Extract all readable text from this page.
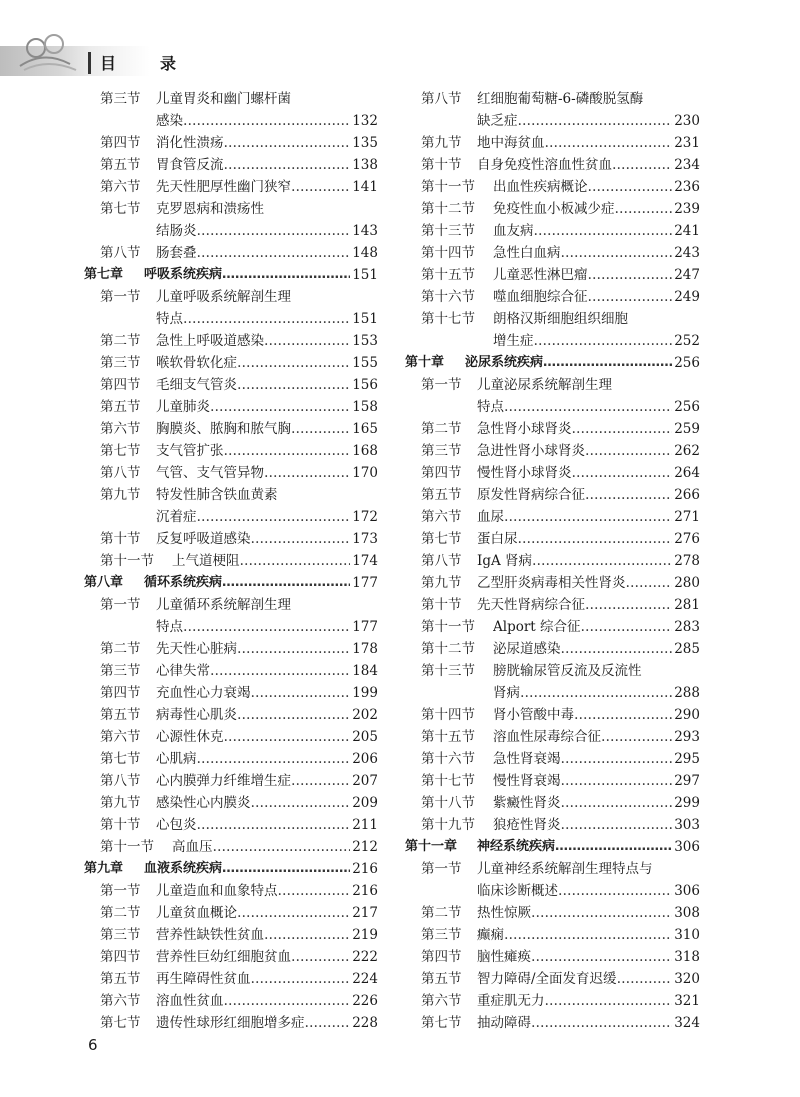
目　录
第三节 儿童胃炎和幽门螺杆菌
感染 …………………………………………………………………………………………………	132
第四节 消化性溃疡 …………………………………………………………………………………………………	135
第五节 胃食管反流 …………………………………………………………………………………………………	138
第六节 先天性肥厚性幽门狭窄 …………………………………………………………………………………………………	141
第七节 克罗恩病和溃疡性
结肠炎 …………………………………………………………………………………………………	143
第八节 肠套叠 …………………………………………………………………………………………………	148
第七章 呼吸系统疾病 …………………………………………………………………………………………………	151
第一节 儿童呼吸系统解剖生理
特点 …………………………………………………………………………………………………	151
第二节 急性上呼吸道感染 …………………………………………………………………………………………………	153
第三节 喉软骨软化症 …………………………………………………………………………………………………	155
第四节 毛细支气管炎 …………………………………………………………………………………………………	156
第五节 儿童肺炎 …………………………………………………………………………………………………	158
第六节 胸膜炎、脓胸和脓气胸 …………………………………………………………………………………………………	165
第七节 支气管扩张 …………………………………………………………………………………………………	168
第八节 气管、支气管异物 …………………………………………………………………………………………………	170
第九节 特发性肺含铁血黄素
沉着症 …………………………………………………………………………………………………	172
第十节 反复呼吸道感染 …………………………………………………………………………………………………	173
第十一节 上气道梗阻 …………………………………………………………………………………………………	174
第八章 循环系统疾病 …………………………………………………………………………………………………	177
第一节 儿童循环系统解剖生理
特点 …………………………………………………………………………………………………	177
第二节 先天性心脏病 …………………………………………………………………………………………………	178
第三节 心律失常 …………………………………………………………………………………………………	184
第四节 充血性心力衰竭 …………………………………………………………………………………………………	199
第五节 病毒性心肌炎 …………………………………………………………………………………………………	202
第六节 心源性休克 …………………………………………………………………………………………………	205
第七节 心肌病 …………………………………………………………………………………………………	206
第八节 心内膜弹力纤维增生症 …………………………………………………………………………………………………	207
第九节 感染性心内膜炎 …………………………………………………………………………………………………	209
第十节 心包炎 …………………………………………………………………………………………………	211
第十一节 高血压 …………………………………………………………………………………………………	212
第九章 血液系统疾病 …………………………………………………………………………………………………	216
第一节 儿童造血和血象特点 …………………………………………………………………………………………………	216
第二节 儿童贫血概论 …………………………………………………………………………………………………	217
第三节 营养性缺铁性贫血 …………………………………………………………………………………………………	219
第四节 营养性巨幼红细胞贫血 …………………………………………………………………………………………………	222
第五节 再生障碍性贫血 …………………………………………………………………………………………………	224
第六节 溶血性贫血 …………………………………………………………………………………………………	226
第七节 遗传性球形红细胞增多症 …………………………………………………………………………………………………	228
第八节 红细胞葡萄糖-6-磷酸脱氢酶
缺乏症 …………………………………………………………………………………………………	230
第九节 地中海贫血 …………………………………………………………………………………………………	231
第十节 自身免疫性溶血性贫血 …………………………………………………………………………………………………	234
第十一节 出血性疾病概论 …………………………………………………………………………………………………	236
第十二节 免疫性血小板减少症 …………………………………………………………………………………………………	239
第十三节 血友病 …………………………………………………………………………………………………	241
第十四节 急性白血病 …………………………………………………………………………………………………	243
第十五节 儿童恶性淋巴瘤 …………………………………………………………………………………………………	247
第十六节 噬血细胞综合征 …………………………………………………………………………………………………	249
第十七节 朗格汉斯细胞组织细胞
增生症 …………………………………………………………………………………………………	252
第十章 泌尿系统疾病 …………………………………………………………………………………………………	256
第一节 儿童泌尿系统解剖生理
特点 …………………………………………………………………………………………………	256
第二节 急性肾小球肾炎 …………………………………………………………………………………………………	259
第三节 急进性肾小球肾炎 …………………………………………………………………………………………………	262
第四节 慢性肾小球肾炎 …………………………………………………………………………………………………	264
第五节 原发性肾病综合征 …………………………………………………………………………………………………	266
第六节 血尿 …………………………………………………………………………………………………	271
第七节 蛋白尿 …………………………………………………………………………………………………	276
第八节 IgA 肾病 …………………………………………………………………………………………………	278
第九节 乙型肝炎病毒相关性肾炎 …………………………………………………………………………………………………	280
第十节 先天性肾病综合征 …………………………………………………………………………………………………	281
第十一节 Alport 综合征 …………………………………………………………………………………………………	283
第十二节 泌尿道感染 …………………………………………………………………………………………………	285
第十三节 膀胱输尿管反流及反流性
肾病 …………………………………………………………………………………………………	288
第十四节 肾小管酸中毒 …………………………………………………………………………………………………	290
第十五节 溶血性尿毒综合征 …………………………………………………………………………………………………	293
第十六节 急性肾衰竭 …………………………………………………………………………………………………	295
第十七节 慢性肾衰竭 …………………………………………………………………………………………………	297
第十八节 紫癜性肾炎 …………………………………………………………………………………………………	299
第十九节 狼疮性肾炎 …………………………………………………………………………………………………	303
第十一章 神经系统疾病 …………………………………………………………………………………………………	306
第一节 儿童神经系统解剖生理特点与
临床诊断概述 …………………………………………………………………………………………………	306
第二节 热性惊厥 …………………………………………………………………………………………………	308
第三节 癫痫 …………………………………………………………………………………………………	310
第四节 脑性瘫痪 …………………………………………………………………………………………………	318
第五节 智力障碍/全面发育迟缓 …………………………………………………………………………………………………	320
第六节 重症肌无力 …………………………………………………………………………………………………	321
第七节 抽动障碍 …………………………………………………………………………………………………	324
6
